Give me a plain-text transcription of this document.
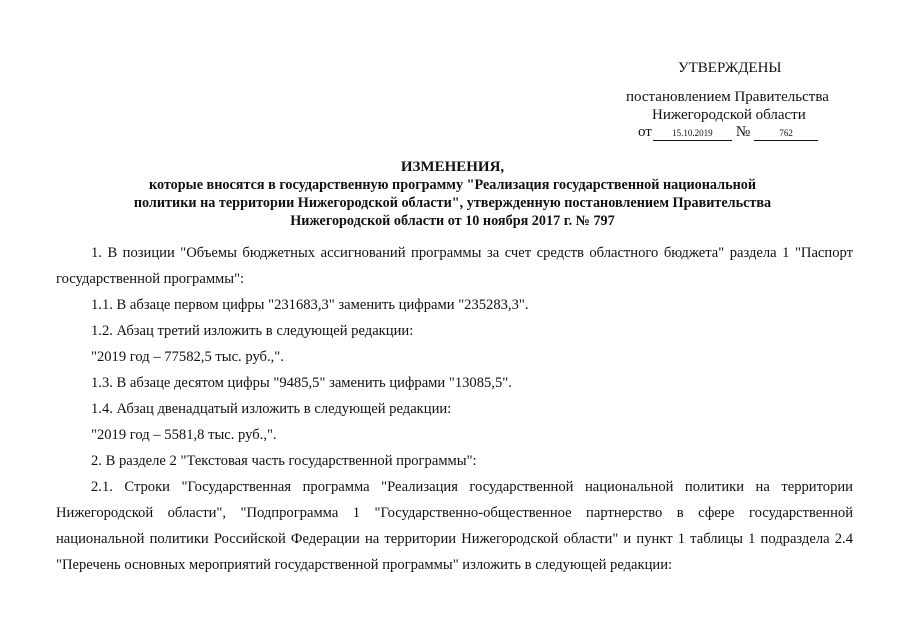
УТВЕРЖДЕНЫ
постановлением Правительства
Нижегородской области
от	15.10.2019	№	762
ИЗМЕНЕНИЯ,
которые вносятся в государственную программу "Реализация государственной национальной
политики на территории Нижегородской области", утвержденную постановлением Правительства
Нижегородской области от 10 ноября 2017 г. № 797

1. В позиции "Объемы бюджетных ассигнований программы за счет средств областного бюджета" раздела 1 "Паспорт государственной программы":

1.1. В абзаце первом цифры "231683,3" заменить цифрами "235283,3".

1.2. Абзац третий изложить в следующей редакции:

"2019 год – 77582,5 тыс. руб.,".

1.3. В абзаце десятом цифры "9485,5" заменить цифрами "13085,5".

1.4. Абзац двенадцатый изложить в следующей редакции:

"2019 год – 5581,8 тыс. руб.,".

2. В разделе 2 "Текстовая часть государственной программы":

2.1. Строки "Государственная программа "Реализация государственной национальной политики на территории Нижегородской области", "Подпрограмма 1 "Государственно-общественное партнерство в сфере государственной национальной политики Российской Федерации на территории Нижегородской области" и пункт 1 таблицы 1 подраздела 2.4 "Перечень основных мероприятий государственной программы" изложить в следующей редакции:
